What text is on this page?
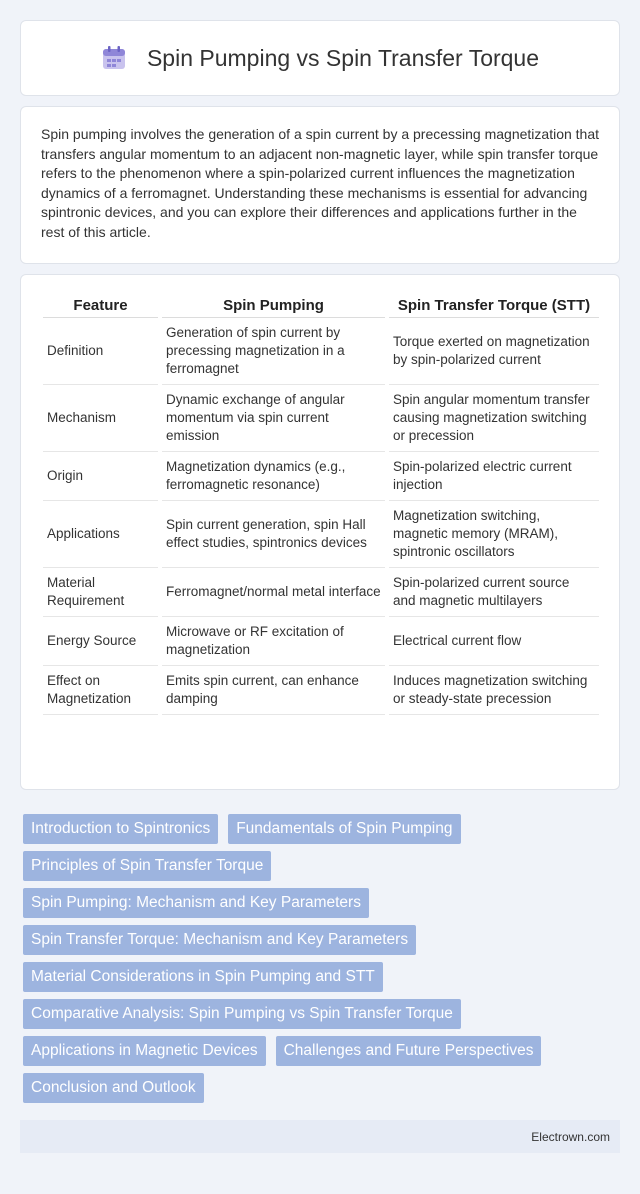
Spin Pumping vs Spin Transfer Torque

Spin pumping involves the generation of a spin current by a precessing magnetization that transfers angular momentum to an adjacent non-magnetic layer, while spin transfer torque refers to the phenomenon where a spin-polarized current influences the magnetization dynamics of a ferromagnet. Understanding these mechanisms is essential for advancing spintronic devices, and you can explore their differences and applications further in the rest of this article.

Feature	Spin Pumping	Spin Transfer Torque (STT)
Definition	Generation of spin current by precessing magnetization in a ferromagnet	Torque exerted on magnetization by spin-polarized current
Mechanism	Dynamic exchange of angular momentum via spin current emission	Spin angular momentum transfer causing magnetization switching or precession
Origin	Magnetization dynamics (e.g., ferromagnetic resonance)	Spin-polarized electric current injection
Applications	Spin current generation, spin Hall effect studies, spintronics devices	Magnetization switching, magnetic memory (MRAM), spintronic oscillators
Material Requirement	Ferromagnet/normal metal interface	Spin-polarized current source and magnetic multilayers
Energy Source	Microwave or RF excitation of magnetization	Electrical current flow
Effect on Magnetization	Emits spin current, can enhance damping	Induces magnetization switching or steady-state precession
Introduction to Spintronics	Fundamentals of Spin Pumping
Principles of Spin Transfer Torque
Spin Pumping: Mechanism and Key Parameters
Spin Transfer Torque: Mechanism and Key Parameters
Material Considerations in Spin Pumping and STT
Comparative Analysis: Spin Pumping vs Spin Transfer Torque
Applications in Magnetic Devices	Challenges and Future Perspectives
Conclusion and Outlook
Electrown.com
